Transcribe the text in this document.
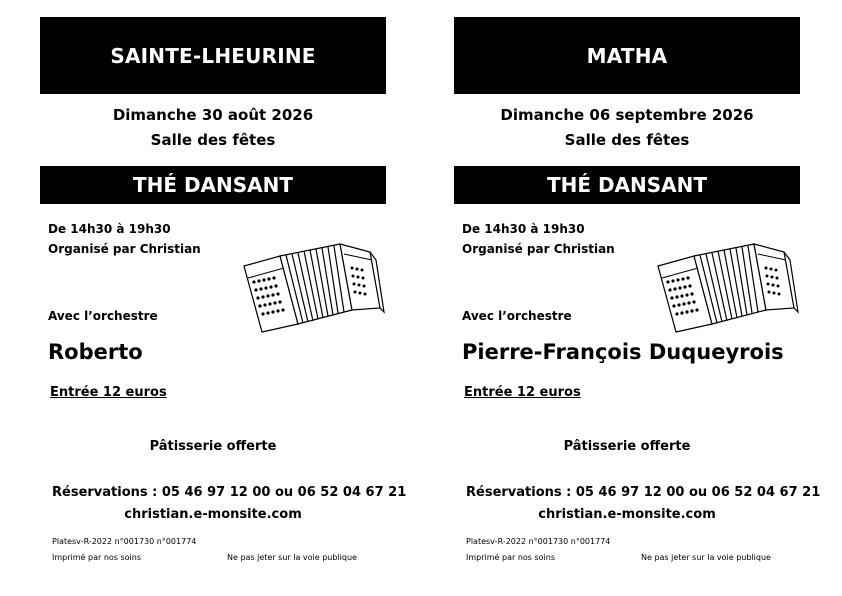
SAINTE-LHEURINE
Dimanche 30 août 2026
Salle des fêtes
THÉ DANSANT
De 14h30 à 19h30
Organisé par Christian
Avec l’orchestre
Roberto
Entrée 12 euros
Pâtisserie offerte
Réservations : 05 46 97 12 00 ou 06 52 04 67 21
christian.e-monsite.com
Platesv-R-2022 n°001730 n°001774
Imprimé par nos soins	Ne pas jeter sur la voie publique
MATHA
Dimanche 06 septembre 2026
Salle des fêtes
THÉ DANSANT
De 14h30 à 19h30
Organisé par Christian
Avec l’orchestre
Pierre-François Duqueyrois
Entrée 12 euros
Pâtisserie offerte
Réservations : 05 46 97 12 00 ou 06 52 04 67 21
christian.e-monsite.com
Platesv-R-2022 n°001730 n°001774
Imprimé par nos soins	Ne pas jeter sur la voie publique
